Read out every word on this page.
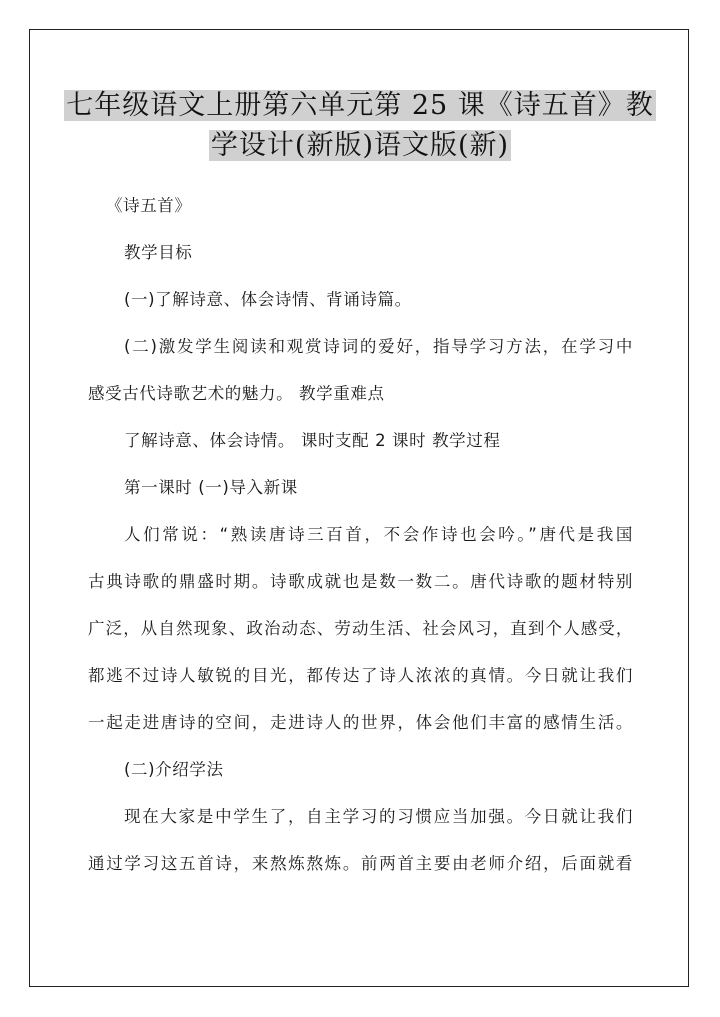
七年级语文上册第六单元第 25 课《诗五首》教
学设计(新版)语文版(新)
《诗五首》
教学目标
(一)了解诗意、体会诗情、背诵诗篇。
(二)激发学生阅读和观赏诗词的爱好，指导学习方法，在学习中
感受古代诗歌艺术的魅力。 教学重难点
了解诗意、体会诗情。 课时支配 2 课时 教学过程
第一课时 (一)导入新课
人们常说：“熟读唐诗三百首，不会作诗也会吟。”唐代是我国
古典诗歌的鼎盛时期。诗歌成就也是数一数二。唐代诗歌的题材特别
广泛，从自然现象、政治动态、劳动生活、社会风习，直到个人感受，
都逃不过诗人敏锐的目光，都传达了诗人浓浓的真情。今日就让我们
一起走进唐诗的空间，走进诗人的世界，体会他们丰富的感情生活。
(二)介绍学法
现在大家是中学生了，自主学习的习惯应当加强。今日就让我们
通过学习这五首诗，来熬炼熬炼。前两首主要由老师介绍，后面就看
